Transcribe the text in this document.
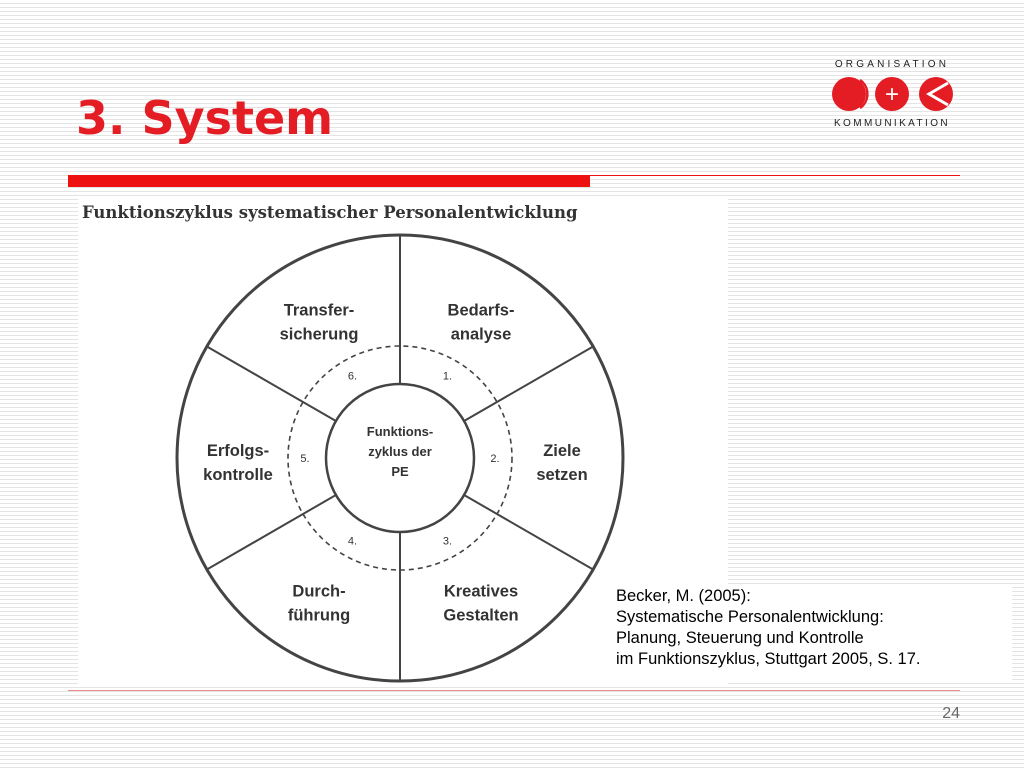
3. System
ORGANISATION
+
KOMMUNIKATION

Funktionszyklus systematischer Personalentwicklung

Bedarfs-analyse
1.
Ziele setzen
2.
Kreatives Gestalten
3.
Durch-führung
4.
Erfolgs-kontrolle
5.
Transfer-sicherung
6.
Funktions-zyklus der PE

Becker, M. (2005):

Systematische Personalentwicklung:

Planung, Steuerung und Kontrolle

im Funktionszyklus, Stuttgart 2005, S. 17.

24
